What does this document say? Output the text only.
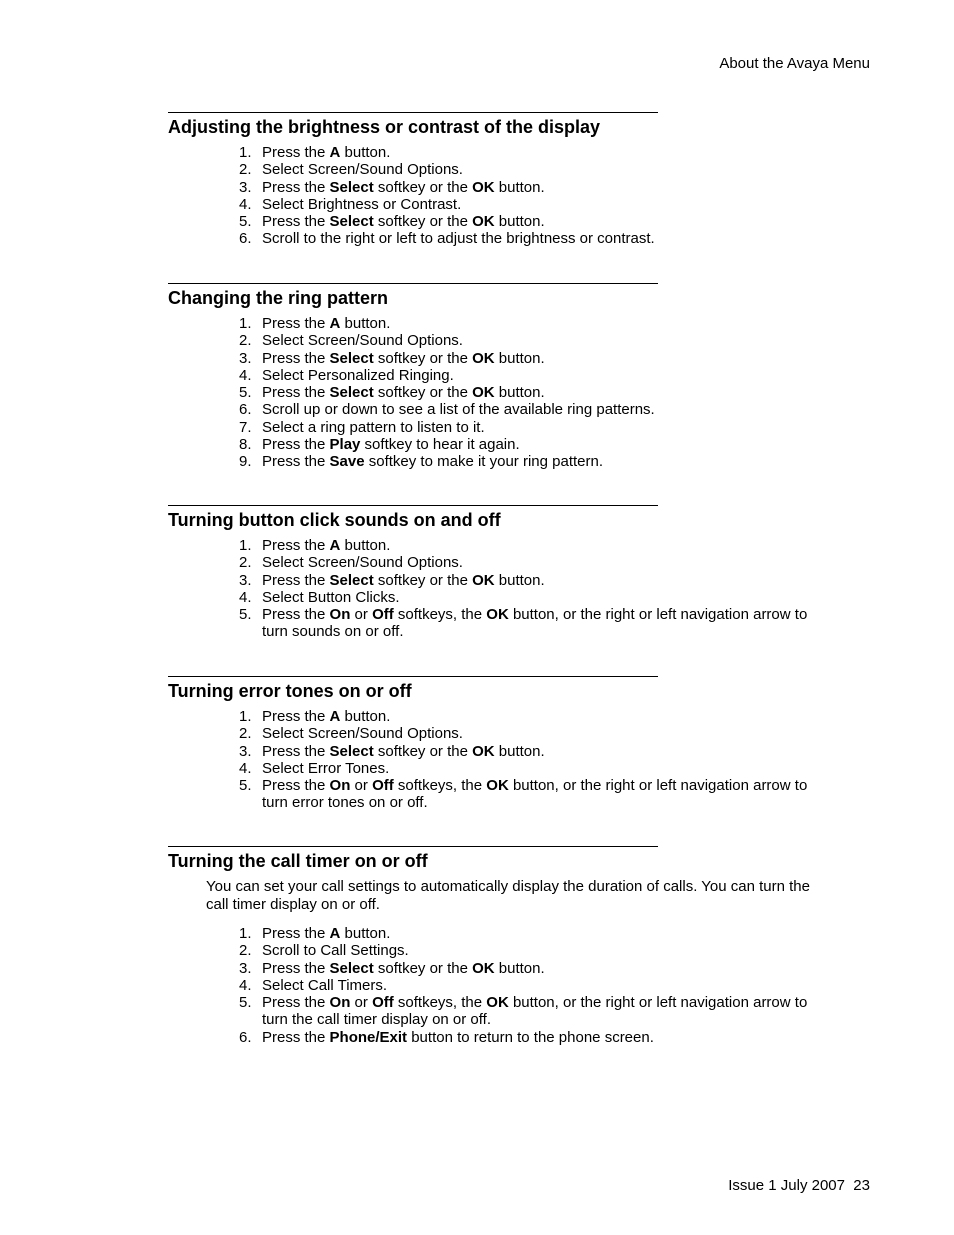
About the Avaya Menu
Adjusting the brightness or contrast of the display
1. Press the A button.
2. Select Screen/Sound Options.
3. Press the Select softkey or the OK button.
4. Select Brightness or Contrast.
5. Press the Select softkey or the OK button.
6. Scroll to the right or left to adjust the brightness or contrast.
Changing the ring pattern
1. Press the A button.
2. Select Screen/Sound Options.
3. Press the Select softkey or the OK button.
4. Select Personalized Ringing.
5. Press the Select softkey or the OK button.
6. Scroll up or down to see a list of the available ring patterns.
7. Select a ring pattern to listen to it.
8. Press the Play softkey to hear it again.
9. Press the Save softkey to make it your ring pattern.
Turning button click sounds on and off
1. Press the A button.
2. Select Screen/Sound Options.
3. Press the Select softkey or the OK button.
4. Select Button Clicks.
5. Press the On or Off softkeys, the OK button, or the right or left navigation arrow to turn sounds on or off.
Turning error tones on or off
1. Press the A button.
2. Select Screen/Sound Options.
3. Press the Select softkey or the OK button.
4. Select Error Tones.
5. Press the On or Off softkeys, the OK button, or the right or left navigation arrow to turn error tones on or off.
Turning the call timer on or off

You can set your call settings to automatically display the duration of calls. You can turn the call timer display on or off.

1. Press the A button.
2. Scroll to Call Settings.
3. Press the Select softkey or the OK button.
4. Select Call Timers.
5. Press the On or Off softkeys, the OK button, or the right or left navigation arrow to turn the call timer display on or off.
6. Press the Phone/Exit button to return to the phone screen.
Issue 1 July 2007  23
